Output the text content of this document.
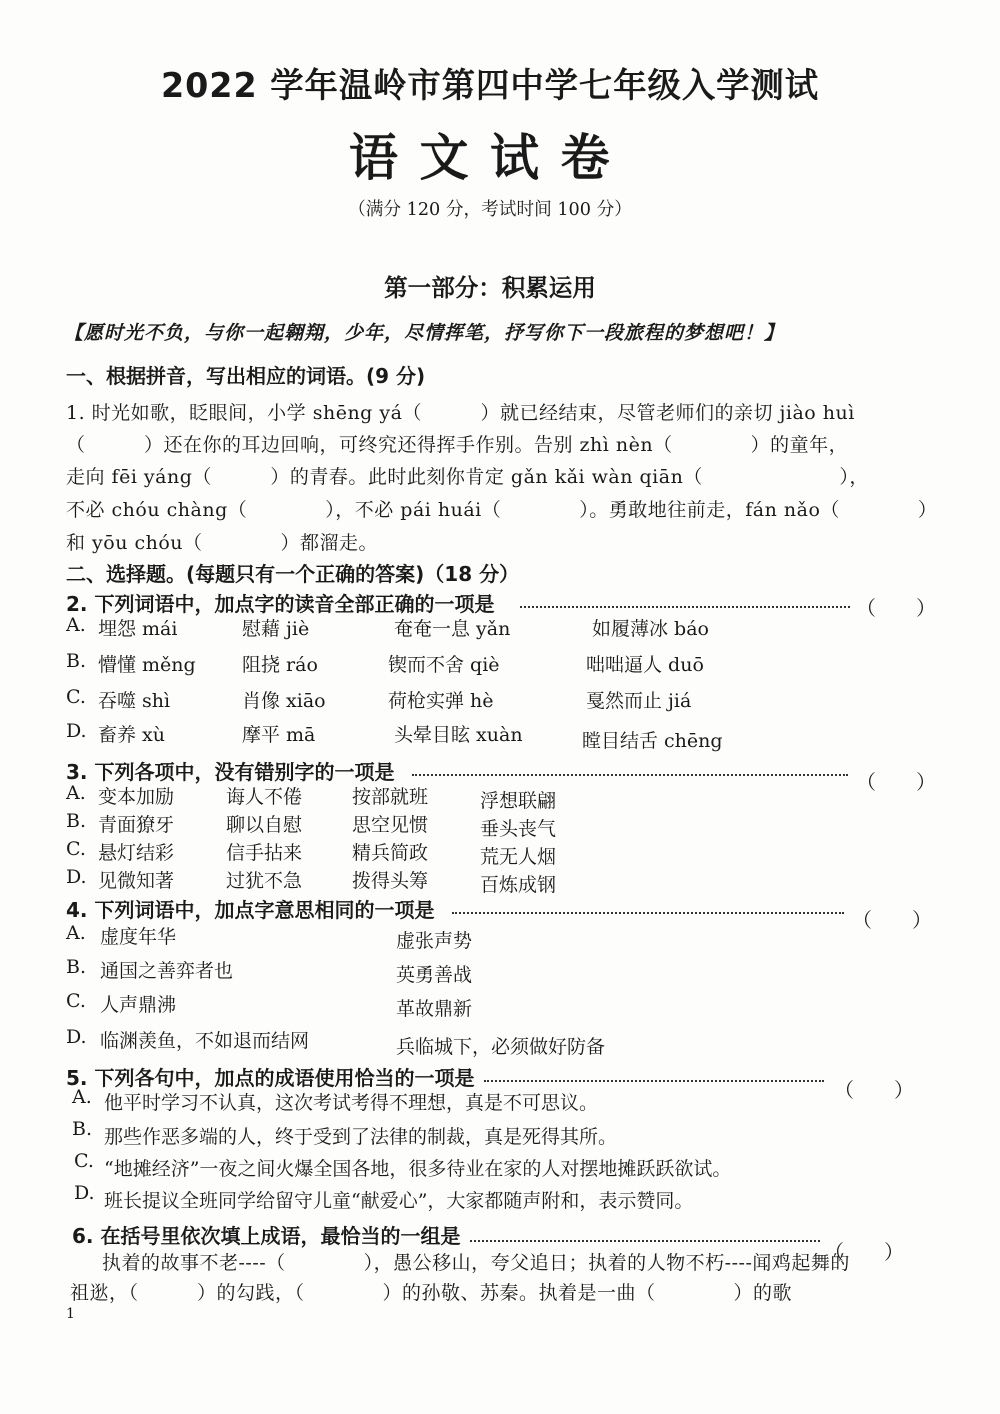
2022 学年温岭市第四中学七年级入学测试
语文试卷
（满分 120 分，考试时间 100 分）
第一部分：积累运用
【愿时光不负，与你一起翱翔，少年，尽情挥笔，抒写你下一段旅程的梦想吧！】
一、根据拼音，写出相应的词语。(9 分)
1. 时光如歌，眨眼间，小学 shēng yá（　　　）就已经结束，尽管老师们的亲切 jiào huì
（　　　）还在你的耳边回响，可终究还得挥手作别。告别 zhì nèn（　　　　）的童年，
走向 fēi yáng（　　　）的青春。此时此刻你肯定 gǎn kǎi wàn qiān（　　　　　　　），
不必 chóu chàng（　　　　），不必 pái huái（　　　　）。勇敢地往前走，fán nǎo（　　　　）
和 yōu chóu（　　　　）都溜走。
二、选择题。(每题只有一个正确的答案)（18 分）
2. 下列词语中，加点字的读音全部正确的一项是	（　　）
A. 埋怨 mái	慰藉 jiè	奄奄一息 yǎn	如履薄冰 báo
B. 懵懂 měng 阻挠 ráo	锲而不舍 qiè	咄咄逼人 duō
C. 吞噬 shì	肖像 xiāo	荷枪实弹 hè	戛然而止 jiá
D. 畜养 xù	摩平 mā	头晕目眩 xuàn	瞠目结舌 chēng
3. 下列各项中，没有错别字的一项是	（　　）
A. 变本加励	诲人不倦	按部就班	浮想联翩
B. 青面獠牙	聊以自慰	思空见惯	垂头丧气
C. 悬灯结彩	信手拈来	精兵简政	荒无人烟
D. 见微知著	过犹不急	拨得头筹	百炼成钢
4. 下列词语中，加点字意思相同的一项是	（　　）
A. 虚度年华	虚张声势
B. 通国之善弈者也	英勇善战
C. 人声鼎沸	革故鼎新
D. 临渊羡鱼，不如退而结网	兵临城下，必须做好防备
5. 下列各句中，加点的成语使用恰当的一项是	（　　）
A. 他平时学习不认真，这次考试考得不理想，真是不可思议。
B. 那些作恶多端的人，终于受到了法律的制裁，真是死得其所。
C. “地摊经济”一夜之间火爆全国各地，很多待业在家的人对摆地摊跃跃欲试。
D. 班长提议全班同学给留守儿童“献爱心”，大家都随声附和，表示赞同。
6. 在括号里依次填上成语，最恰当的一组是
（　　）
执着的故事不老----（　　　　），愚公移山，夸父追日；执着的人物不朽----闻鸡起舞的
祖逖，（　　　）的勾践，（　　　　）的孙敬、苏秦。执着是一曲（　　　　）的歌
1
